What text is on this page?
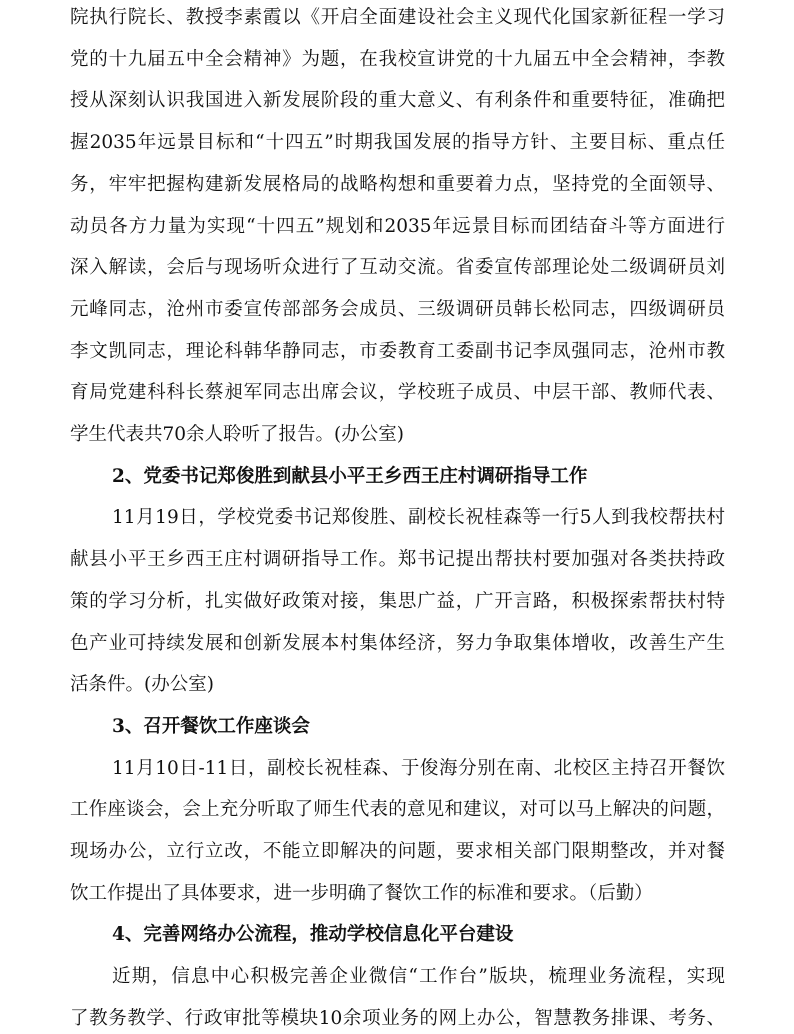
院执行院长、教授李素霞以《开启全面建设社会主义现代化国家新征程一学习
党的十九届五中全会精神》为题，在我校宣讲党的十九届五中全会精神，李教
授从深刻认识我国进入新发展阶段的重大意义、有利条件和重要特征，准确把
握2035年远景目标和“十四五”时期我国发展的指导方针、主要目标、重点任
务，牢牢把握构建新发展格局的战略构想和重要着力点，坚持党的全面领导、
动员各方力量为实现“十四五”规划和2035年远景目标而团结奋斗等方面进行
深入解读，会后与现场听众进行了互动交流。省委宣传部理论处二级调研员刘
元峰同志，沧州市委宣传部部务会成员、三级调研员韩长松同志，四级调研员
李文凯同志，理论科韩华静同志，市委教育工委副书记李凤强同志，沧州市教
育局党建科科长蔡昶军同志出席会议，学校班子成员、中层干部、教师代表、
学生代表共70余人聆听了报告。(办公室)
2、党委书记郑俊胜到献县小平王乡西王庄村调研指导工作
11月19日，学校党委书记郑俊胜、副校长祝桂森等一行5人到我校帮扶村
献县小平王乡西王庄村调研指导工作。郑书记提出帮扶村要加强对各类扶持政
策的学习分析，扎实做好政策对接，集思广益，广开言路，积极探索帮扶村特
色产业可持续发展和创新发展本村集体经济，努力争取集体增收，改善生产生
活条件。(办公室)
3、召开餐饮工作座谈会
11月10日-11日，副校长祝桂森、于俊海分别在南、北校区主持召开餐饮
工作座谈会，会上充分听取了师生代表的意见和建议，对可以马上解决的问题，
现场办公，立行立改，不能立即解决的问题，要求相关部门限期整改，并对餐
饮工作提出了具体要求，进一步明确了餐饮工作的标准和要求。（后勤）
4、完善网络办公流程，推动学校信息化平台建设
近期，信息中心积极完善企业微信“工作台”版块，梳理业务流程，实现
了教务教学、行政审批等模块10余项业务的网上办公，智慧教务排课、考务、
